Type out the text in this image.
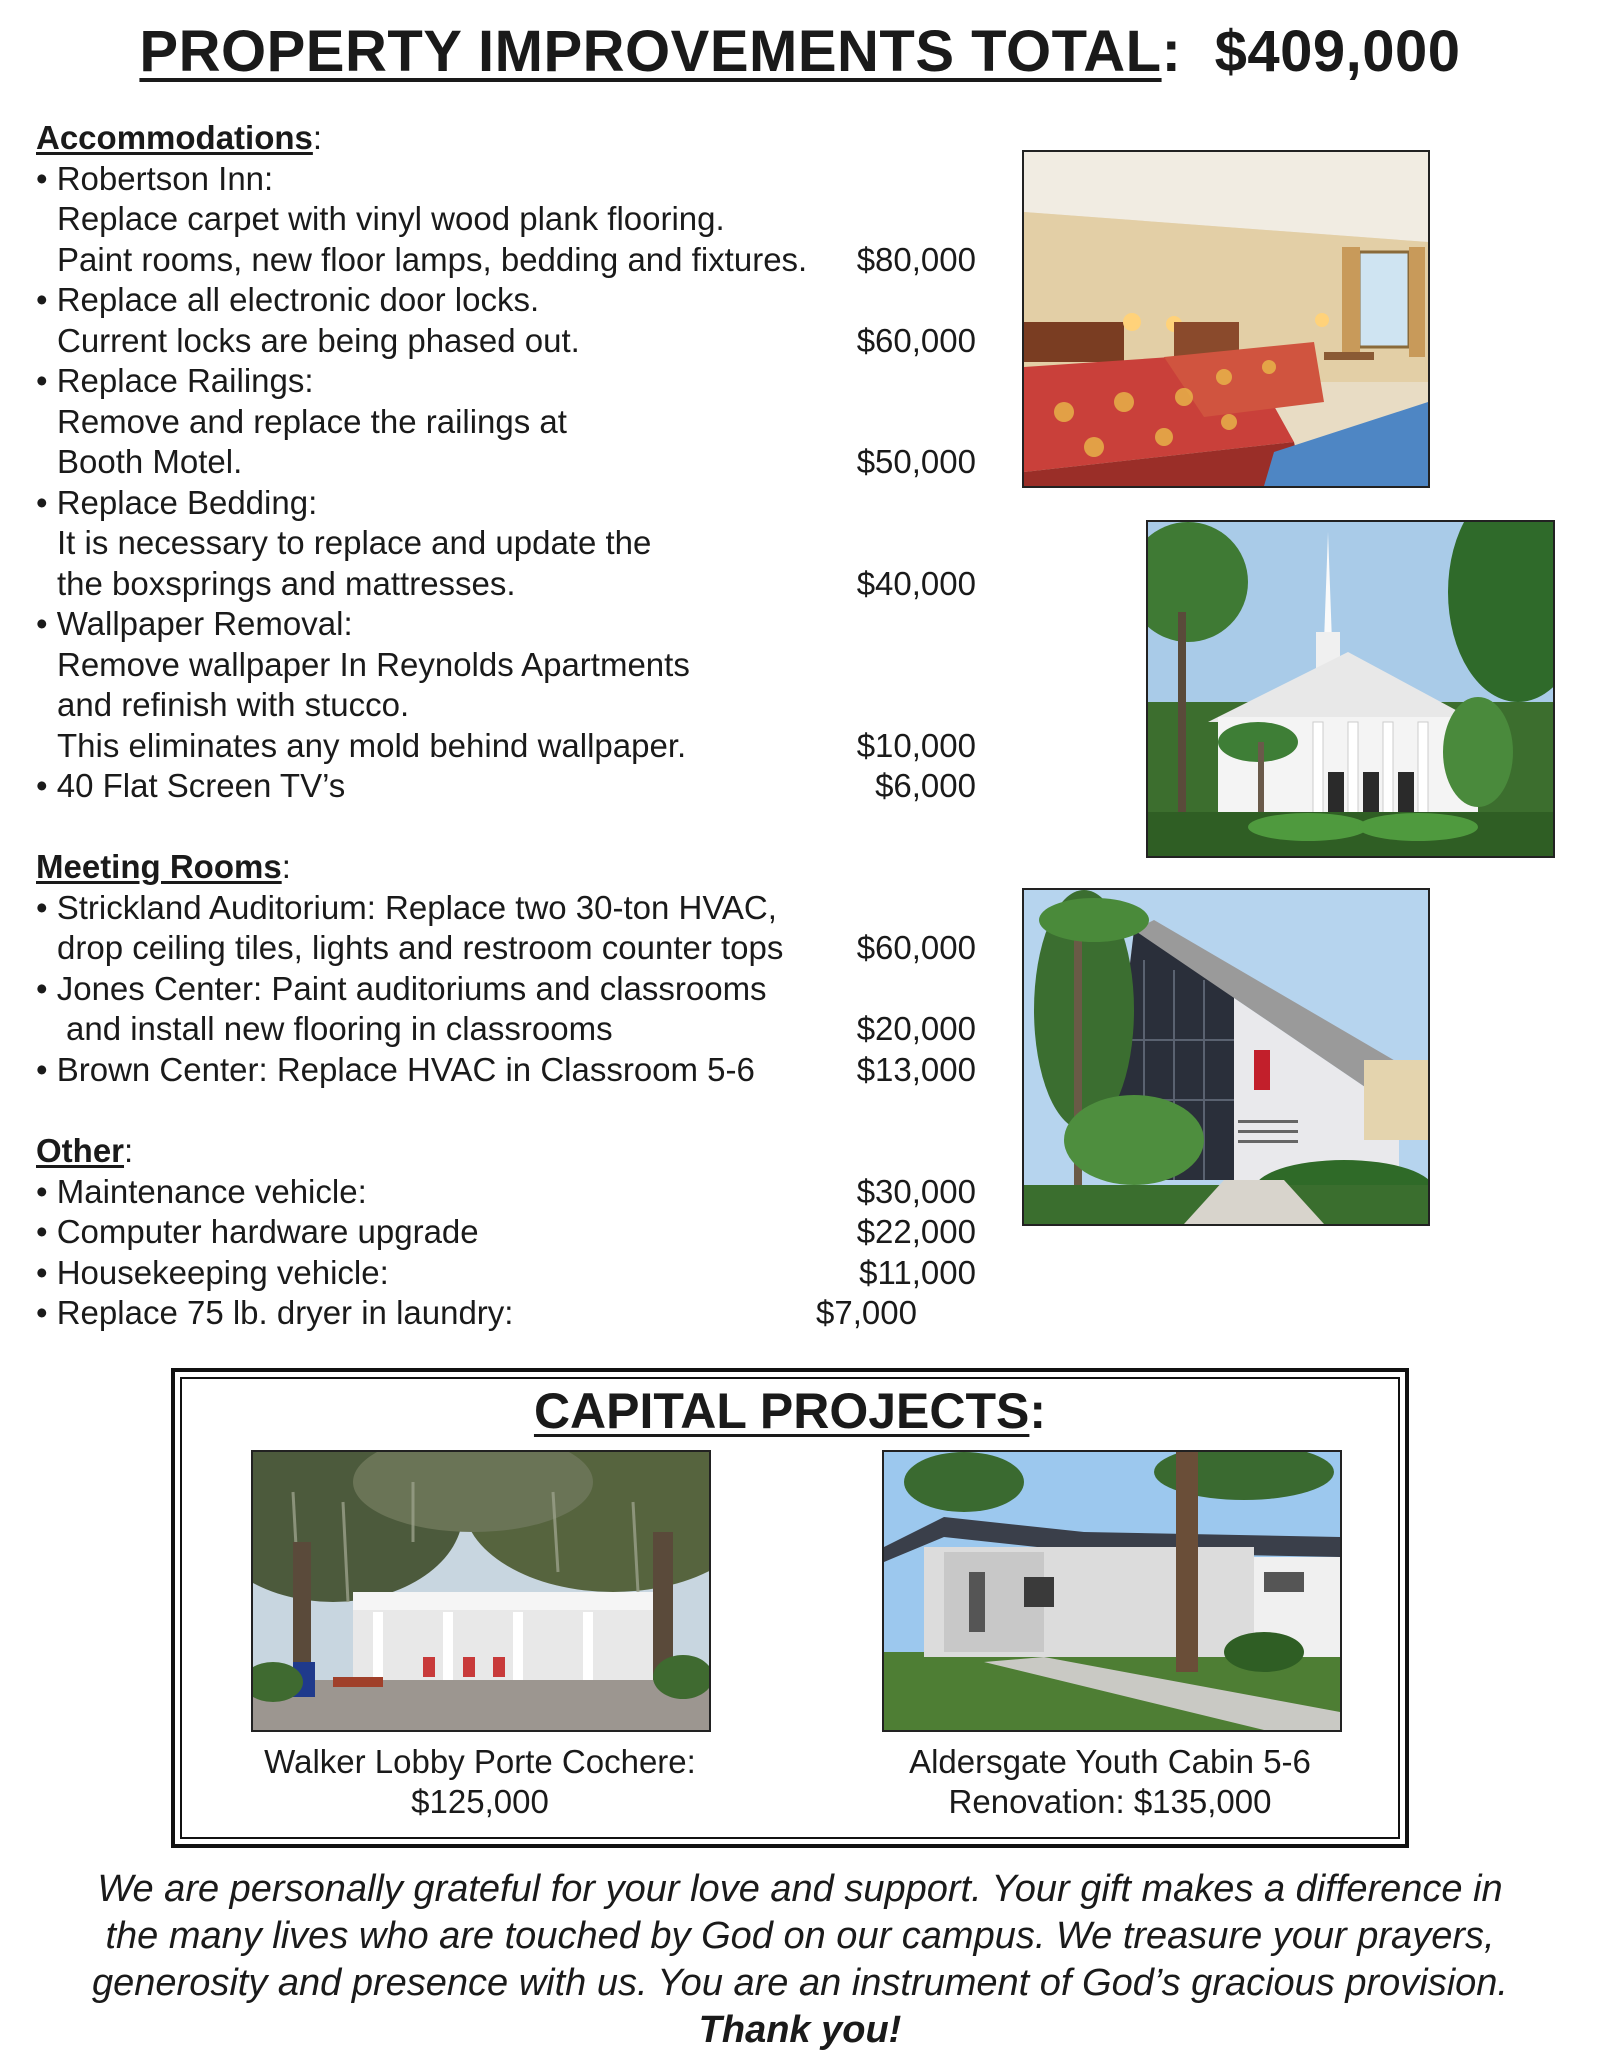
PROPERTY IMPROVEMENTS TOTAL: $409,000
Accommodations:
• Robertson Inn:
Replace carpet with vinyl wood plank flooring.
Paint rooms, new floor lamps, bedding and fixtures.	$80,000
• Replace all electronic door locks.
Current locks are being phased out.	$60,000
• Replace Railings:
Remove and replace the railings at
Booth Motel.	$50,000
• Replace Bedding:
It is necessary to replace and update the
the boxsprings and mattresses.	$40,000
• Wallpaper Removal:
Remove wallpaper In Reynolds Apartments
and refinish with stucco.
This eliminates any mold behind wallpaper.	$10,000
• 40 Flat Screen TV’s	$6,000
Meeting Rooms:
• Strickland Auditorium: Replace two 30-ton HVAC,
drop ceiling tiles, lights and restroom counter tops	$60,000
• Jones Center: Paint auditoriums and classrooms
and install new flooring in classrooms	$20,000
• Brown Center: Replace HVAC in Classroom 5-6	$13,000
Other:
• Maintenance vehicle:	$30,000
• Computer hardware upgrade	$22,000
• Housekeeping vehicle:	$11,000
• Replace 75 lb. dryer in laundry:	$7,000
CAPITAL PROJECTS:
Walker Lobby Porte Cochere:
$125,000
Aldersgate Youth Cabin 5-6
Renovation: $135,000
We are personally grateful for your love and support. Your gift makes a difference in
the many lives who are touched by God on our campus. We treasure your prayers,
generosity and presence with us. You are an instrument of God’s gracious provision.
Thank you!
